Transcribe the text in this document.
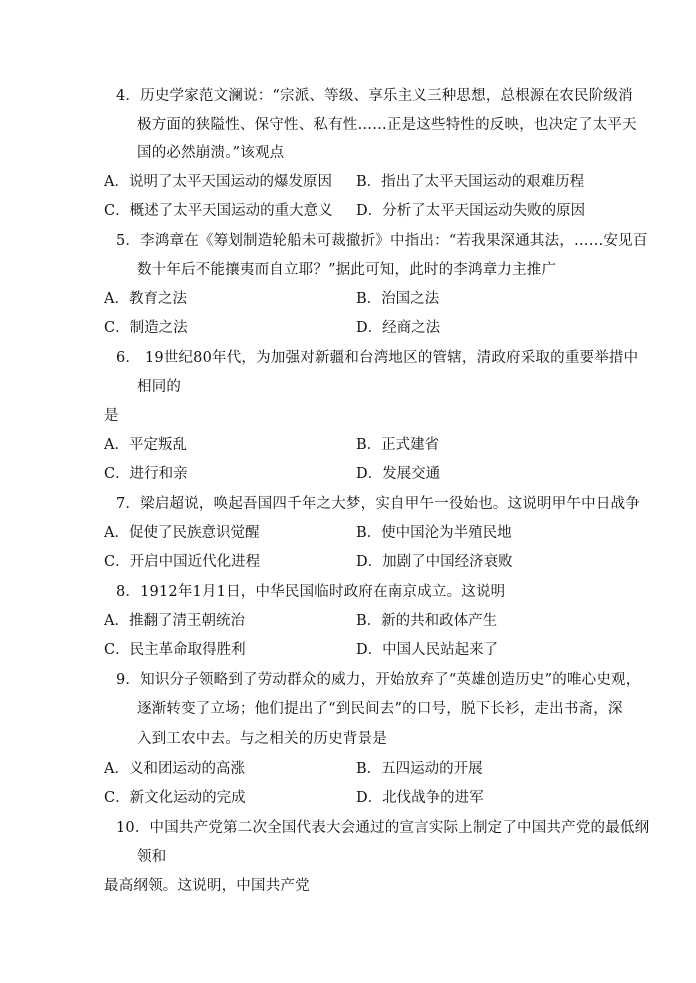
4．历史学家范文澜说：“宗派、等级、享乐主义三种思想，总根源在农民阶级消
极方面的狭隘性、保守性、私有性……正是这些特性的反映，也决定了太平天
国的必然崩溃。”该观点
A．说明了太平天国运动的爆发原因 B．指出了太平天国运动的艰难历程
C．概述了太平天国运动的重大意义 D．分析了太平天国运动失败的原因
5．李鸿章在《筹划制造轮船未可裁撤折》中指出：“若我果深通其法，……安见百
数十年后不能攘夷而自立耶？”据此可知，此时的李鸿章力主推广
A．教育之法	B．治国之法
C．制造之法	D．经商之法
6． 19世纪80年代，为加强对新疆和台湾地区的管辖，清政府采取的重要举措中
相同的
是
A．平定叛乱	B．正式建省
C．进行和亲	D．发展交通
7．梁启超说，唤起吾国四千年之大梦，实自甲午一役始也。这说明甲午中日战争
A．促使了民族意识觉醒	B．使中国沦为半殖民地
C．开启中国近代化进程	D．加剧了中国经济衰败
8．1912年1月1日，中华民国临时政府在南京成立。这说明
A．推翻了清王朝统治	B．新的共和政体产生
C．民主革命取得胜利	D．中国人民站起来了
9．知识分子领略到了劳动群众的威力，开始放弃了“英雄创造历史”的唯心史观，
逐渐转变了立场；他们提出了“到民间去”的口号，脱下长衫，走出书斋，深
入到工农中去。与之相关的历史背景是
A．义和团运动的高涨	B．五四运动的开展
C．新文化运动的完成	D．北伐战争的进军
10．中国共产党第二次全国代表大会通过的宣言实际上制定了中国共产党的最低纲
领和
最高纲领。这说明，中国共产党
